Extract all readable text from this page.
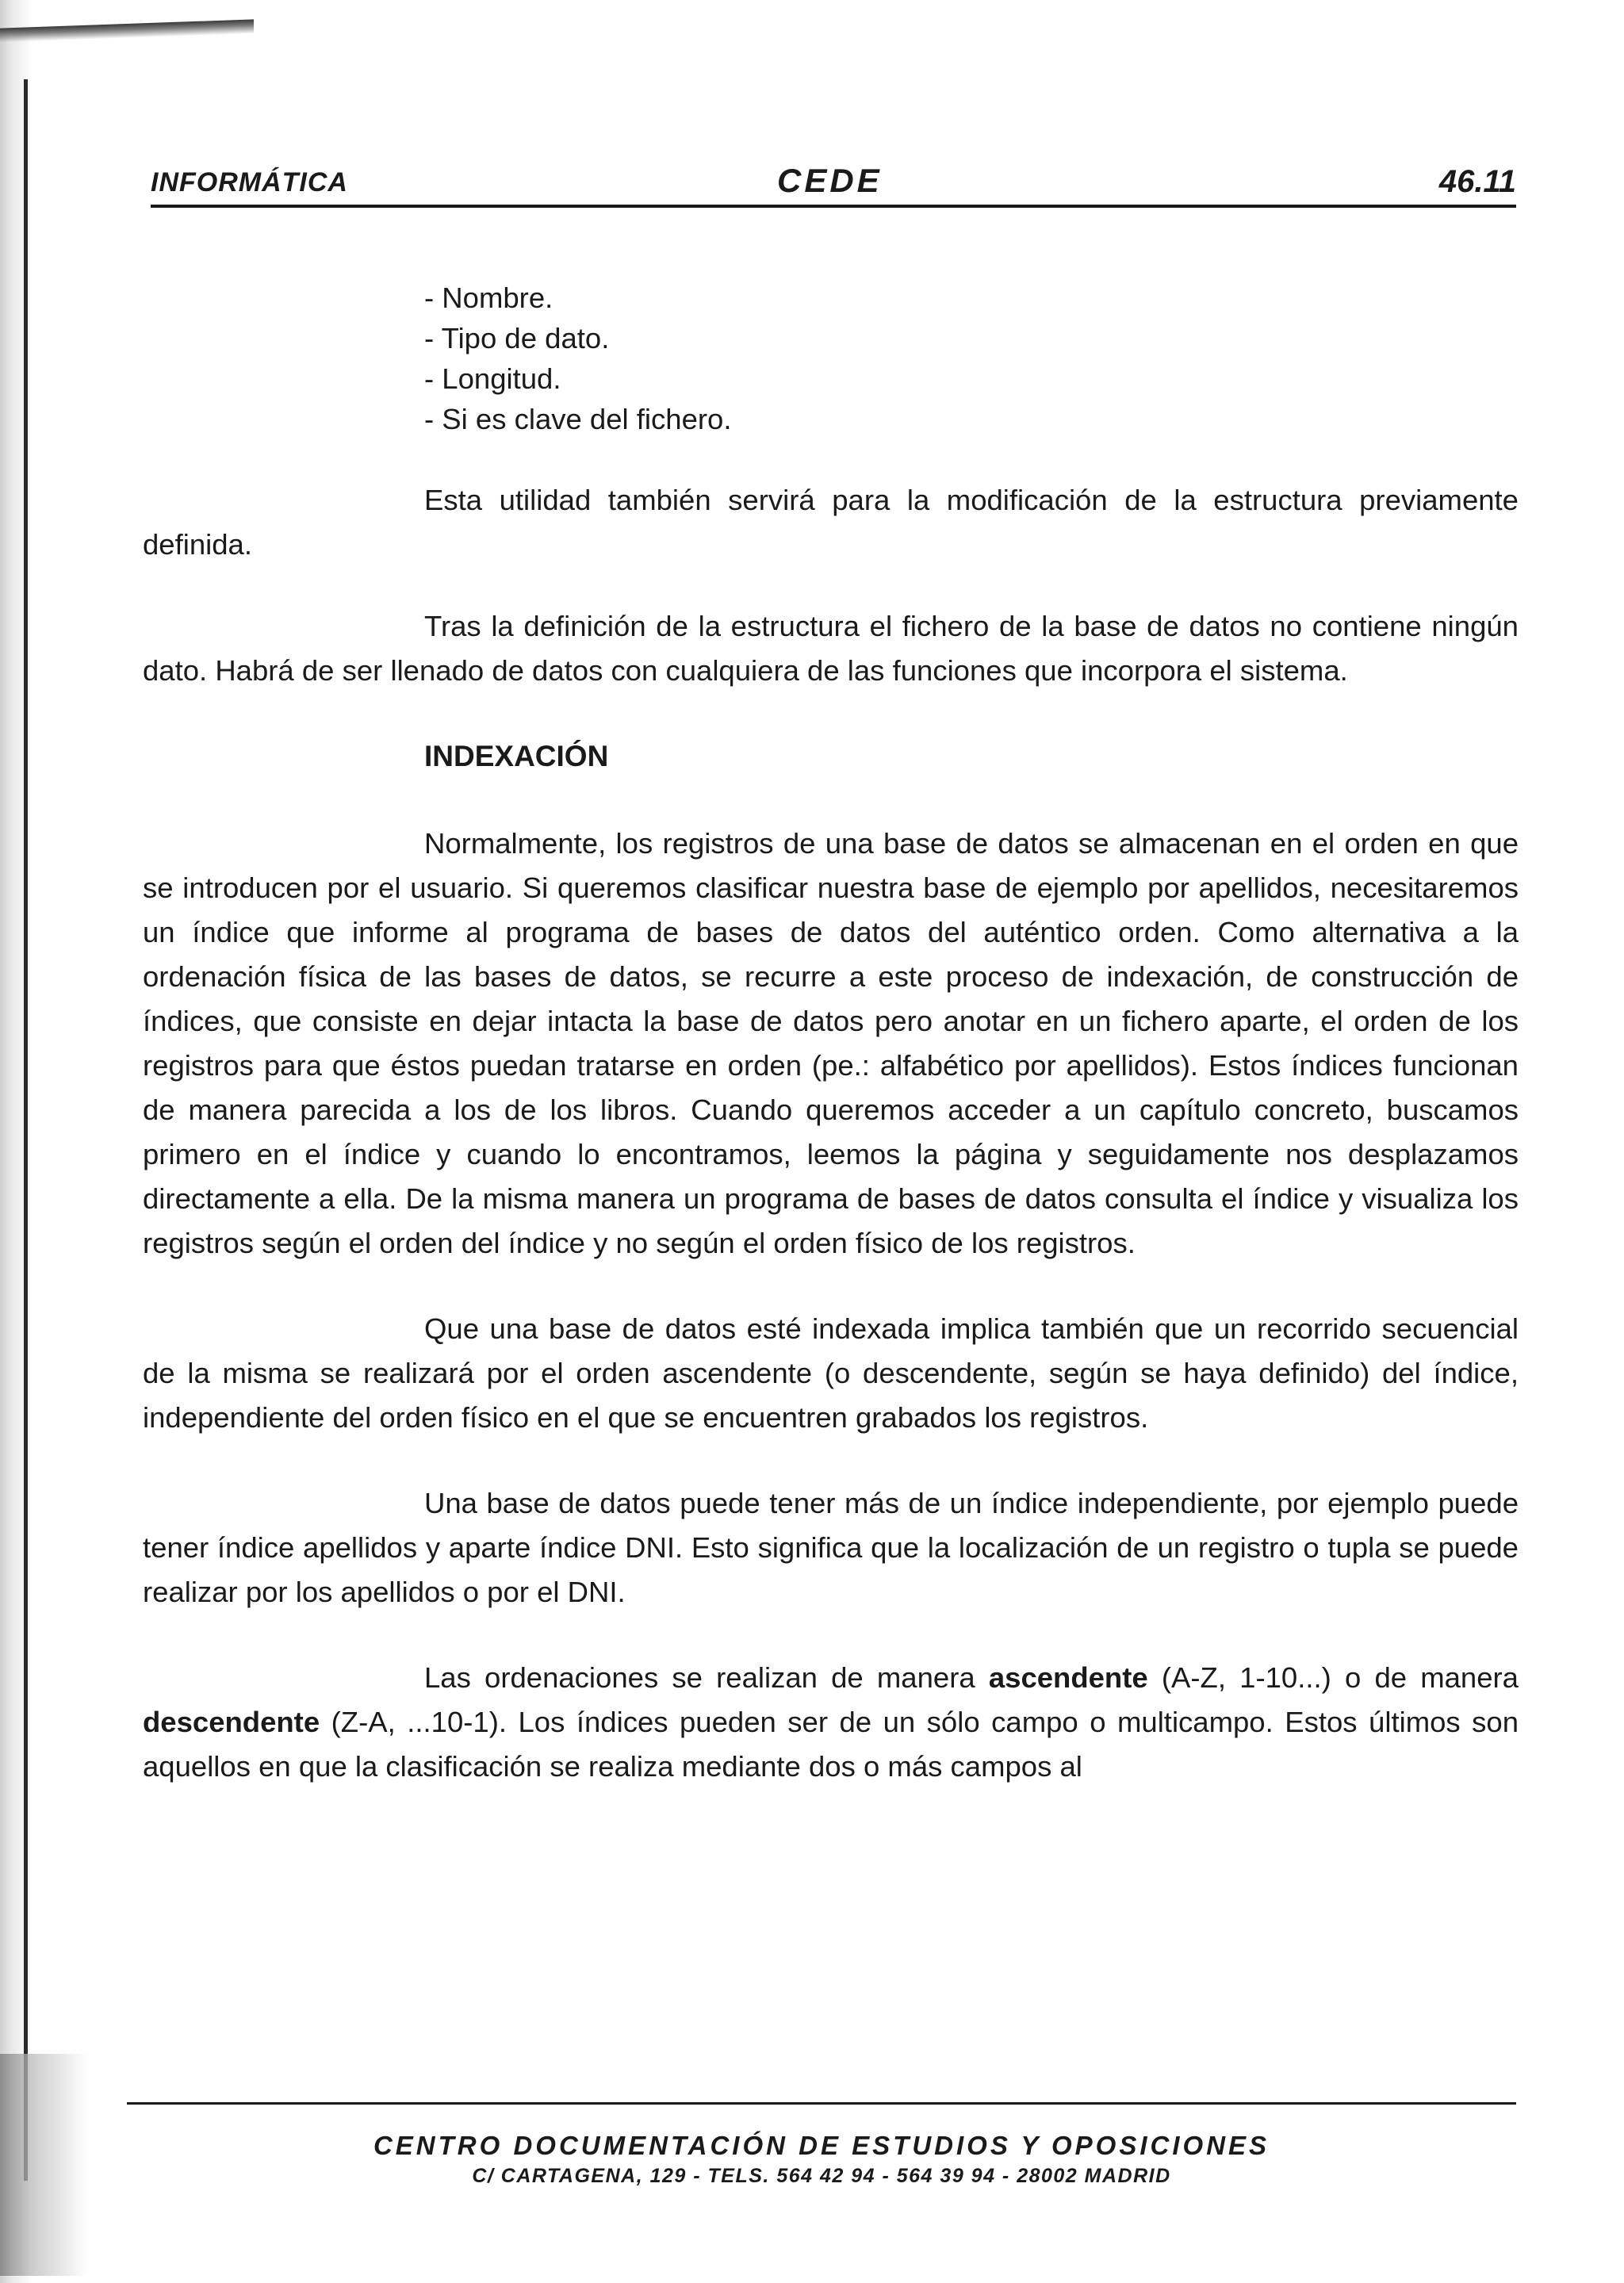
INFORMÁTICA	CEDE	46.11
- Nombre.
- Tipo de dato.
- Longitud.
- Si es clave del fichero.

Esta utilidad también servirá para la modificación de la estructura previamente definida.

Tras la definición de la estructura el fichero de la base de datos no contiene ningún dato. Habrá de ser llenado de datos con cualquiera de las funciones que incorpora el sistema.

INDEXACIÓN

Normalmente, los registros de una base de datos se almacenan en el orden en que se introducen por el usuario. Si queremos clasificar nuestra base de ejemplo por apellidos, necesitaremos un índice que informe al programa de bases de datos del auténtico orden. Como alternativa a la ordenación física de las bases de datos, se recurre a este proceso de indexación, de construcción de índices, que consiste en dejar intacta la base de datos pero anotar en un fichero aparte, el orden de los registros para que éstos puedan tratarse en orden (pe.: alfabético por apellidos). Estos índices funcionan de manera parecida a los de los libros. Cuando queremos acceder a un capítulo concreto, buscamos primero en el índice y cuando lo encontramos, leemos la página y seguidamente nos desplazamos directamente a ella. De la misma manera un programa de bases de datos consulta el índice y visualiza los registros según el orden del índice y no según el orden físico de los registros.

Que una base de datos esté indexada implica también que un recorrido secuencial de la misma se realizará por el orden ascendente (o descendente, según se haya definido) del índice, independiente del orden físico en el que se encuentren grabados los registros.

Una base de datos puede tener más de un índice independiente, por ejemplo puede tener índice apellidos y aparte índice DNI. Esto significa que la localización de un registro o tupla se puede realizar por los apellidos o por el DNI.

Las ordenaciones se realizan de manera ascendente (A-Z, 1-10...) o de manera descendente (Z-A, ...10-1). Los índices pueden ser de un sólo campo o multicampo. Estos últimos son aquellos en que la clasificación se realiza mediante dos o más campos al

CENTRO DOCUMENTACIÓN DE ESTUDIOS Y OPOSICIONES
C/ CARTAGENA, 129 - TELS. 564 42 94 - 564 39 94 - 28002 MADRID
